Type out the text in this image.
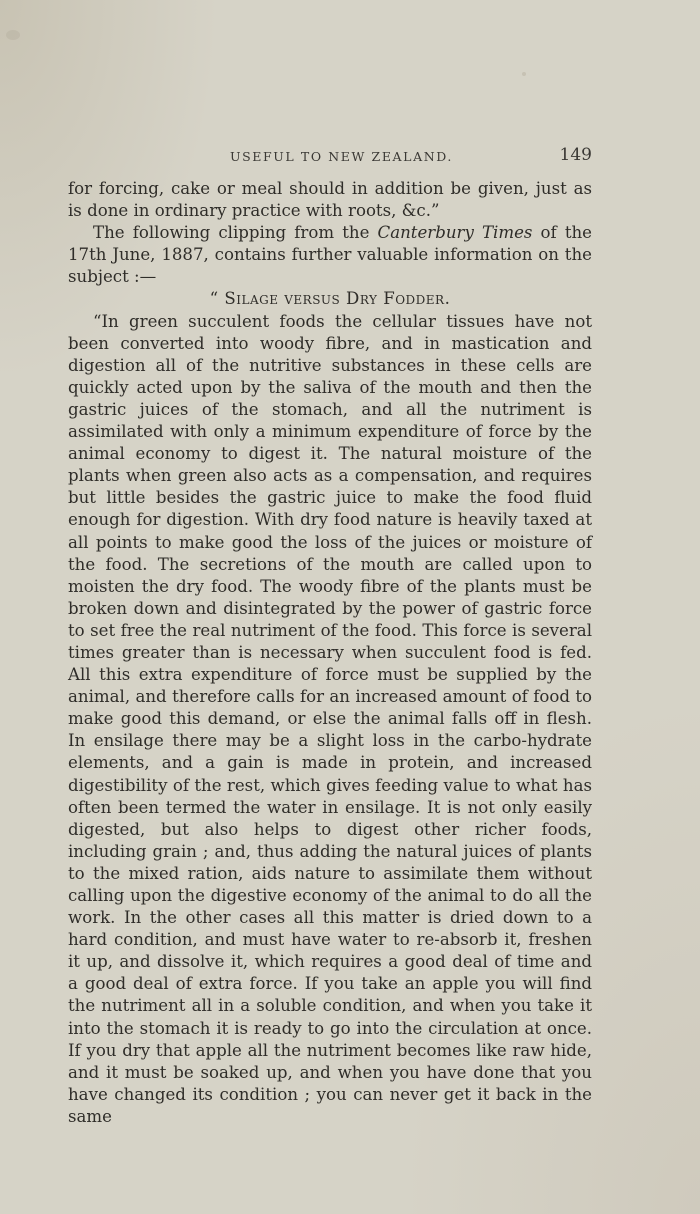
USEFUL TO NEW ZEALAND.	149

for forcing, cake or meal should in addition be given, just as is done in ordinary practice with roots, &c.”

The following clipping from the Canterbury Times of the 17th June, 1887, contains further valuable information on the subject :—

“ Silage versus Dry Fodder.

“In green succulent foods the cellular tissues have not been converted into woody fibre, and in mastication and digestion all of the nutritive substances in these cells are quickly acted upon by the saliva of the mouth and then the gastric juices of the stomach, and all the nutriment is assimilated with only a minimum expenditure of force by the animal economy to digest it. The natural moisture of the plants when green also acts as a compensation, and requires but little besides the gastric juice to make the food fluid enough for digestion. With dry food nature is heavily taxed at all points to make good the loss of the juices or moisture of the food. The secretions of the mouth are called upon to moisten the dry food. The woody fibre of the plants must be broken down and disintegrated by the power of gastric force to set free the real nutriment of the food. This force is several times greater than is necessary when succulent food is fed. All this extra expenditure of force must be supplied by the animal, and therefore calls for an increased amount of food to make good this demand, or else the animal falls off in flesh. In ensilage there may be a slight loss in the carbo-hydrate elements, and a gain is made in protein, and increased digestibility of the rest, which gives feeding value to what has often been termed the water in ensilage. It is not only easily digested, but also helps to digest other richer foods, including grain ; and, thus adding the natural juices of plants to the mixed ration, aids nature to assimilate them without calling upon the digestive economy of the animal to do all the work. In the other cases all this matter is dried down to a hard condition, and must have water to re-absorb it, freshen it up, and dissolve it, which requires a good deal of time and a good deal of extra force. If you take an apple you will find the nutriment all in a soluble condition, and when you take it into the stomach it is ready to go into the circulation at once. If you dry that apple all the nutriment becomes like raw hide, and it must be soaked up, and when you have done that you have changed its condition ; you can never get it back in the same
